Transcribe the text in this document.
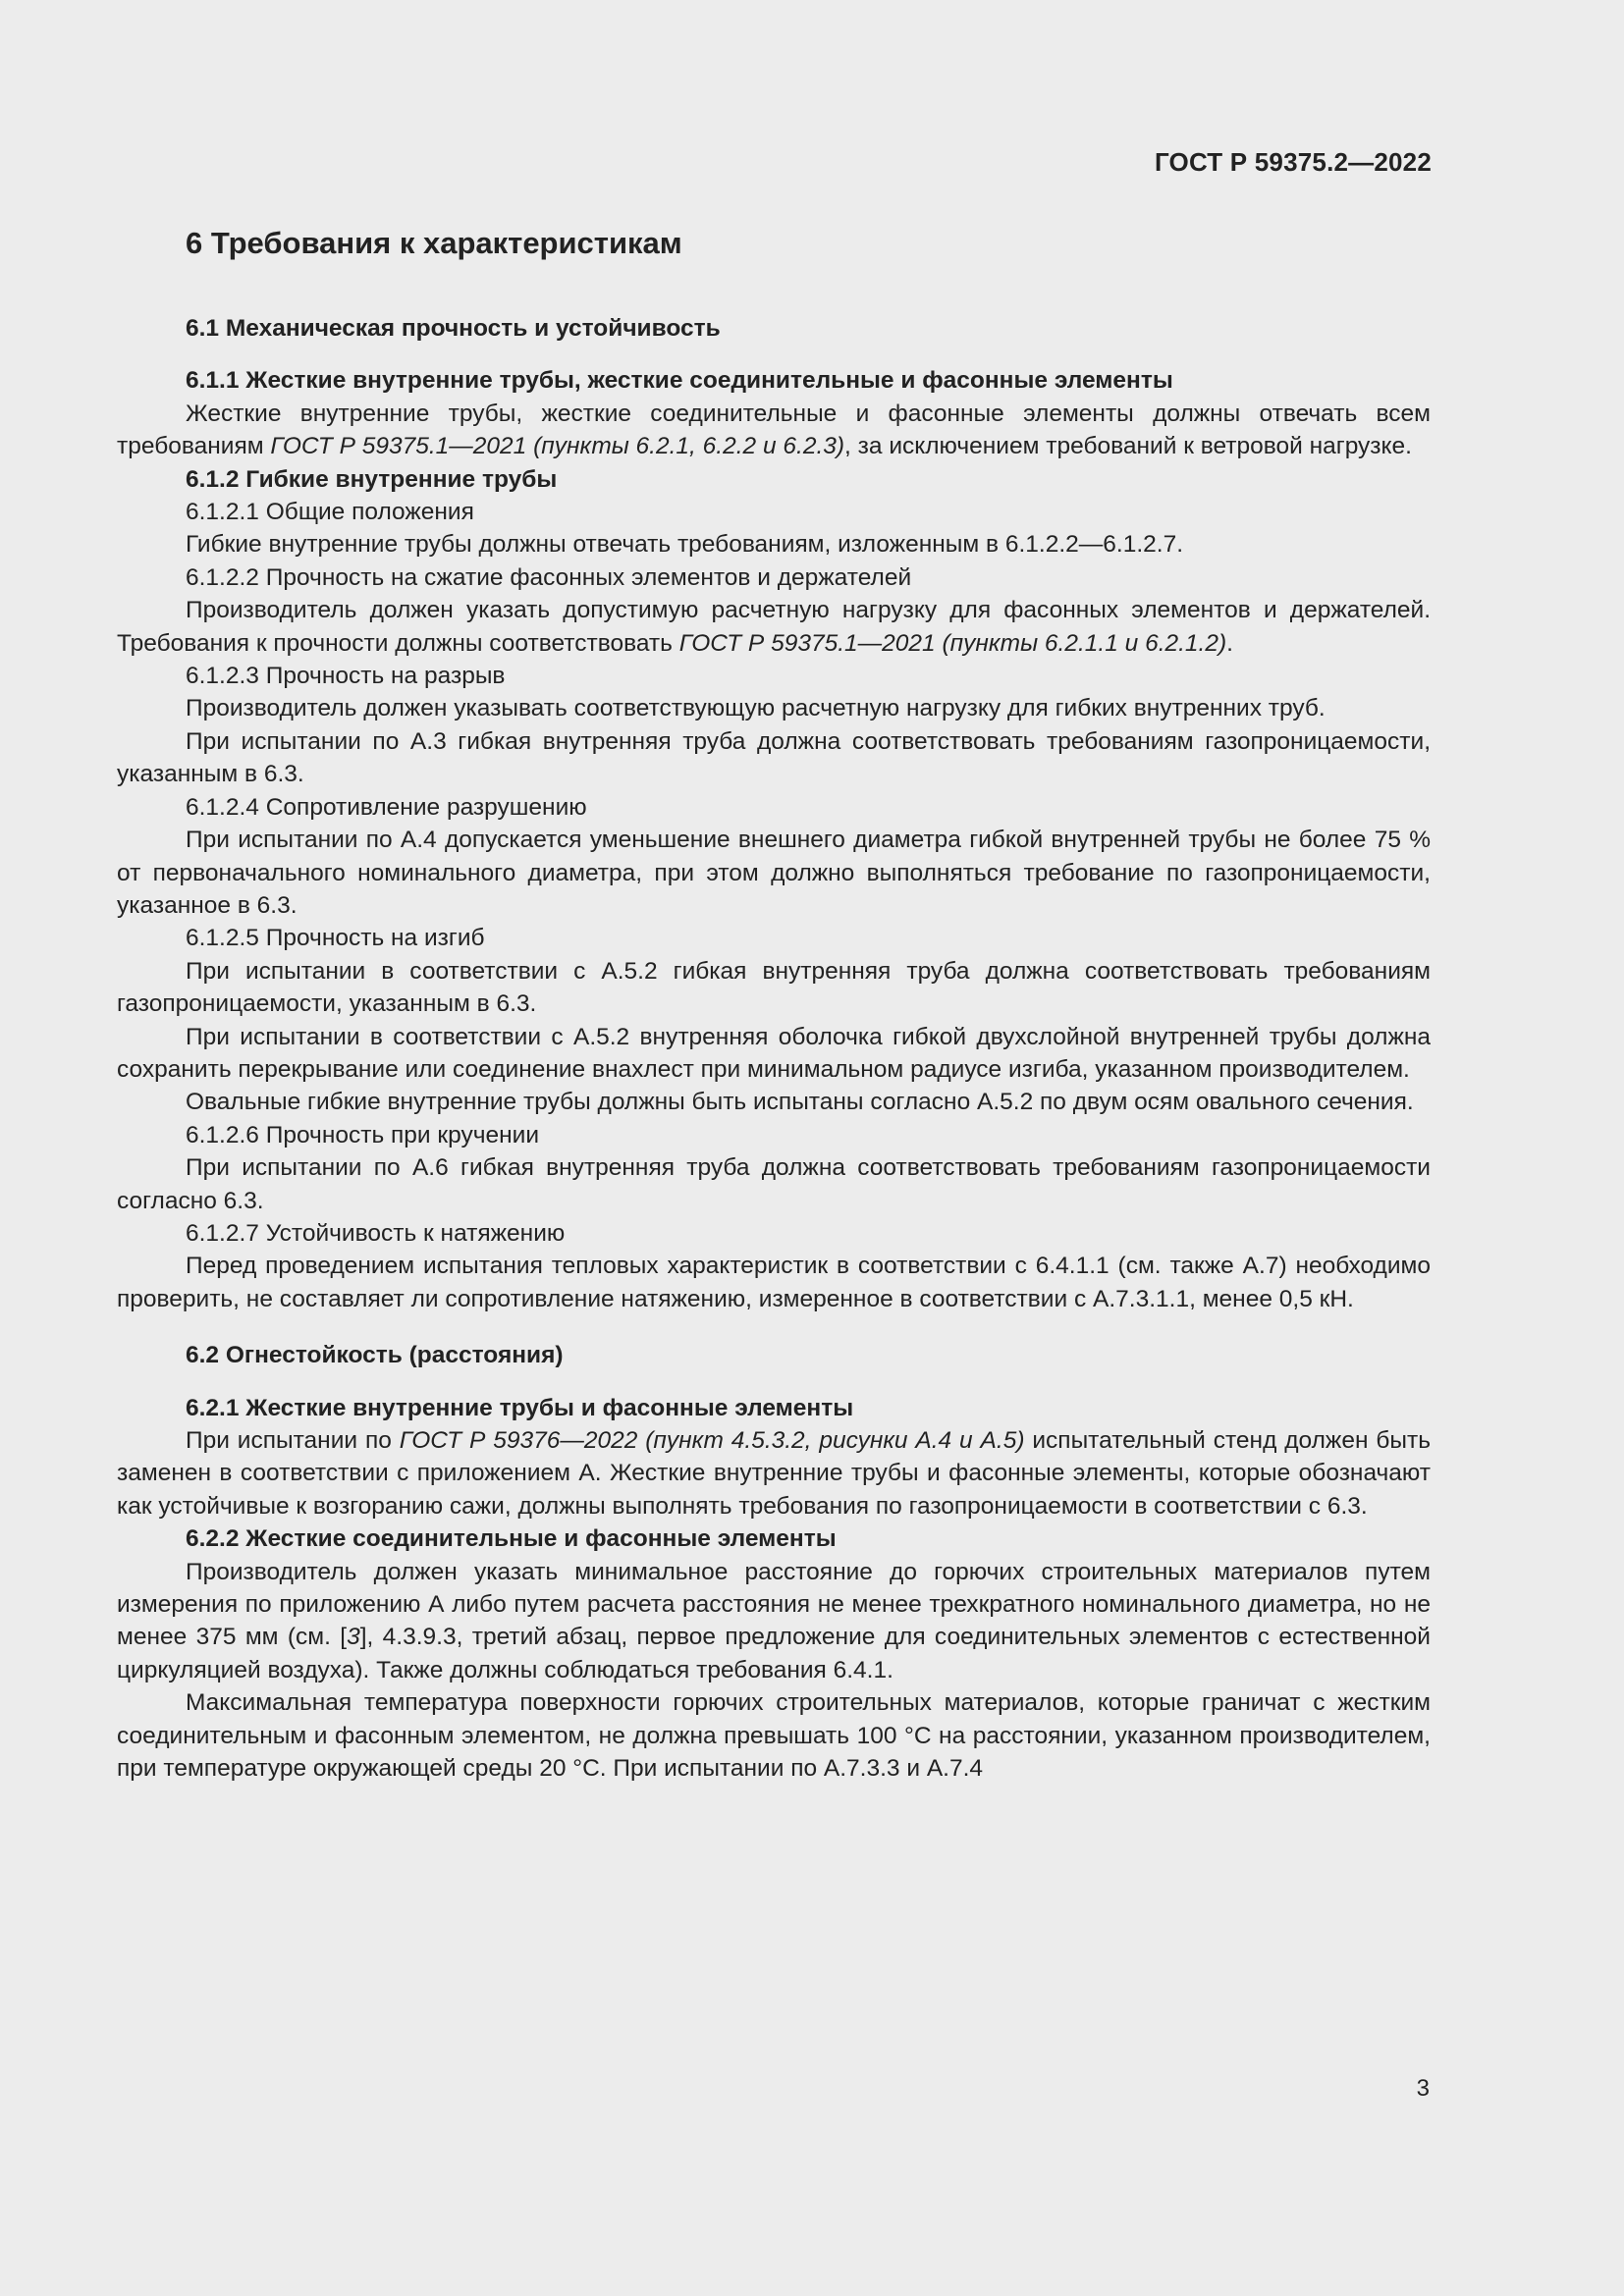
ГОСТ Р 59375.2—2022
6 Требования к характеристикам
6.1 Механическая прочность и устойчивость
6.1.1 Жесткие внутренние трубы, жесткие соединительные и фасонные элементы

Жесткие внутренние трубы, жесткие соединительные и фасонные элементы должны отвечать всем требованиям ГОСТ Р 59375.1—2021 (пункты 6.2.1, 6.2.2 и 6.2.3), за исключением требований к ветровой нагрузке.

6.1.2 Гибкие внутренние трубы
6.1.2.1 Общие положения

Гибкие внутренние трубы должны отвечать требованиям, изложенным в 6.1.2.2—6.1.2.7.

6.1.2.2 Прочность на сжатие фасонных элементов и держателей

Производитель должен указать допустимую расчетную нагрузку для фасонных элементов и держателей. Требования к прочности должны соответствовать ГОСТ Р 59375.1—2021 (пункты 6.2.1.1 и 6.2.1.2).

6.1.2.3 Прочность на разрыв

Производитель должен указывать соответствующую расчетную нагрузку для гибких внутренних труб.

При испытании по А.3 гибкая внутренняя труба должна соответствовать требованиям газопроницаемости, указанным в 6.3.

6.1.2.4 Сопротивление разрушению

При испытании по А.4 допускается уменьшение внешнего диаметра гибкой внутренней трубы не более 75 % от первоначального номинального диаметра, при этом должно выполняться требование по газопроницаемости, указанное в 6.3.

6.1.2.5 Прочность на изгиб

При испытании в соответствии с А.5.2 гибкая внутренняя труба должна соответствовать требованиям газопроницаемости, указанным в 6.3.

При испытании в соответствии с А.5.2 внутренняя оболочка гибкой двухслойной внутренней трубы должна сохранить перекрывание или соединение внахлест при минимальном радиусе изгиба, указанном производителем.

Овальные гибкие внутренние трубы должны быть испытаны согласно А.5.2 по двум осям овального сечения.

6.1.2.6 Прочность при кручении

При испытании по А.6 гибкая внутренняя труба должна соответствовать требованиям газопроницаемости согласно 6.3.

6.1.2.7 Устойчивость к натяжению

Перед проведением испытания тепловых характеристик в соответствии с 6.4.1.1 (см. также А.7) необходимо проверить, не составляет ли сопротивление натяжению, измеренное в соответствии с А.7.3.1.1, менее 0,5 кН.

6.2 Огнестойкость (расстояния)
6.2.1 Жесткие внутренние трубы и фасонные элементы

При испытании по ГОСТ Р 59376—2022 (пункт 4.5.3.2, рисунки А.4 и А.5) испытательный стенд должен быть заменен в соответствии с приложением А. Жесткие внутренние трубы и фасонные элементы, которые обозначают как устойчивые к возгоранию сажи, должны выполнять требования по газопроницаемости в соответствии с 6.3.

6.2.2 Жесткие соединительные и фасонные элементы

Производитель должен указать минимальное расстояние до горючих строительных материалов путем измерения по приложению А либо путем расчета расстояния не менее трехкратного номинального диаметра, но не менее 375 мм (см. [3], 4.3.9.3, третий абзац, первое предложение для соединительных элементов с естественной циркуляцией воздуха). Также должны соблюдаться требования 6.4.1.

Максимальная температура поверхности горючих строительных материалов, которые граничат с жестким соединительным и фасонным элементом, не должна превышать 100 °С на расстоянии, указанном производителем, при температуре окружающей среды 20 °С. При испытании по А.7.3.3 и А.7.4

3
